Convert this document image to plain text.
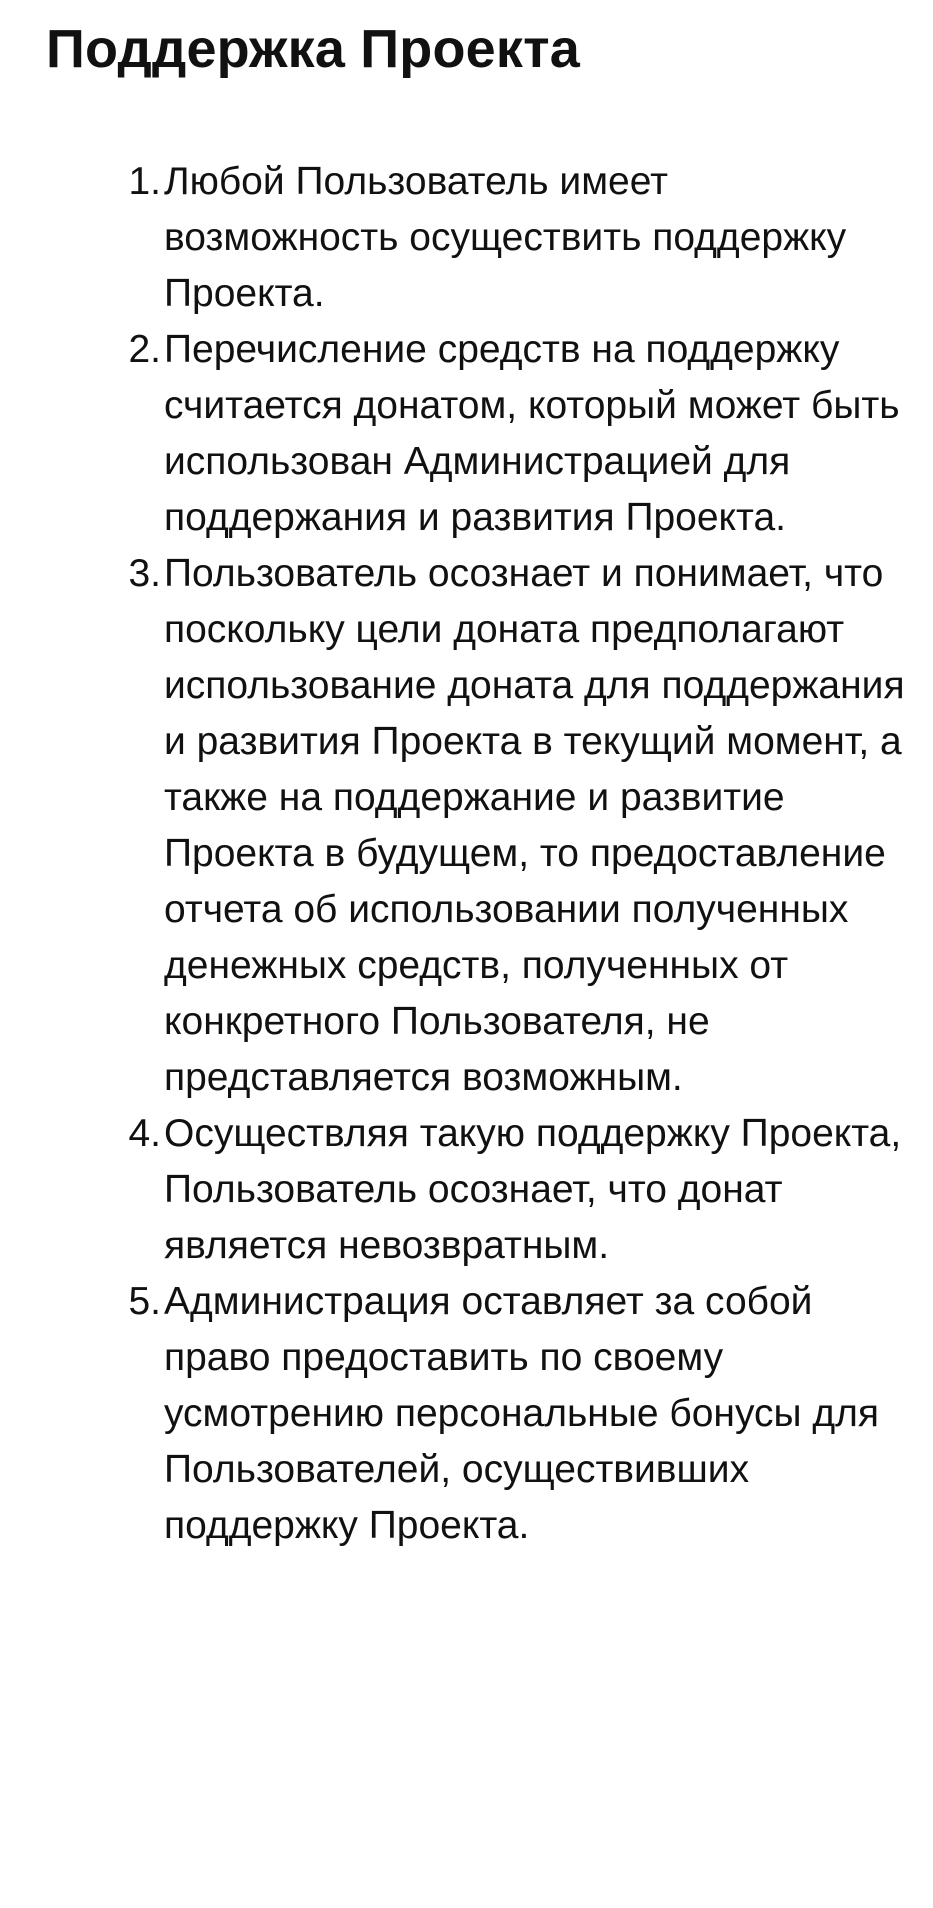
Поддержка Проекта
1. Любой Пользователь имеет возможность осуществить поддержку Проекта.
2. Перечисление средств на поддержку считается донатом, который может быть использован Администрацией для поддержания и развития Проекта.
3. Пользователь осознает и понимает, что поскольку цели доната предполагают использование доната для поддержания и развития Проекта в текущий момент, а также на поддержание и развитие Проекта в будущем, то предоставление отчета об использовании полученных денежных средств, полученных от конкретного Пользователя, не представляется возможным.
4. Осуществляя такую поддержку Проекта, Пользователь осознает, что донат является невозвратным.
5. Администрация оставляет за собой право предоставить по своему усмотрению персональные бонусы для Пользователей, осуществивших поддержку Проекта.
